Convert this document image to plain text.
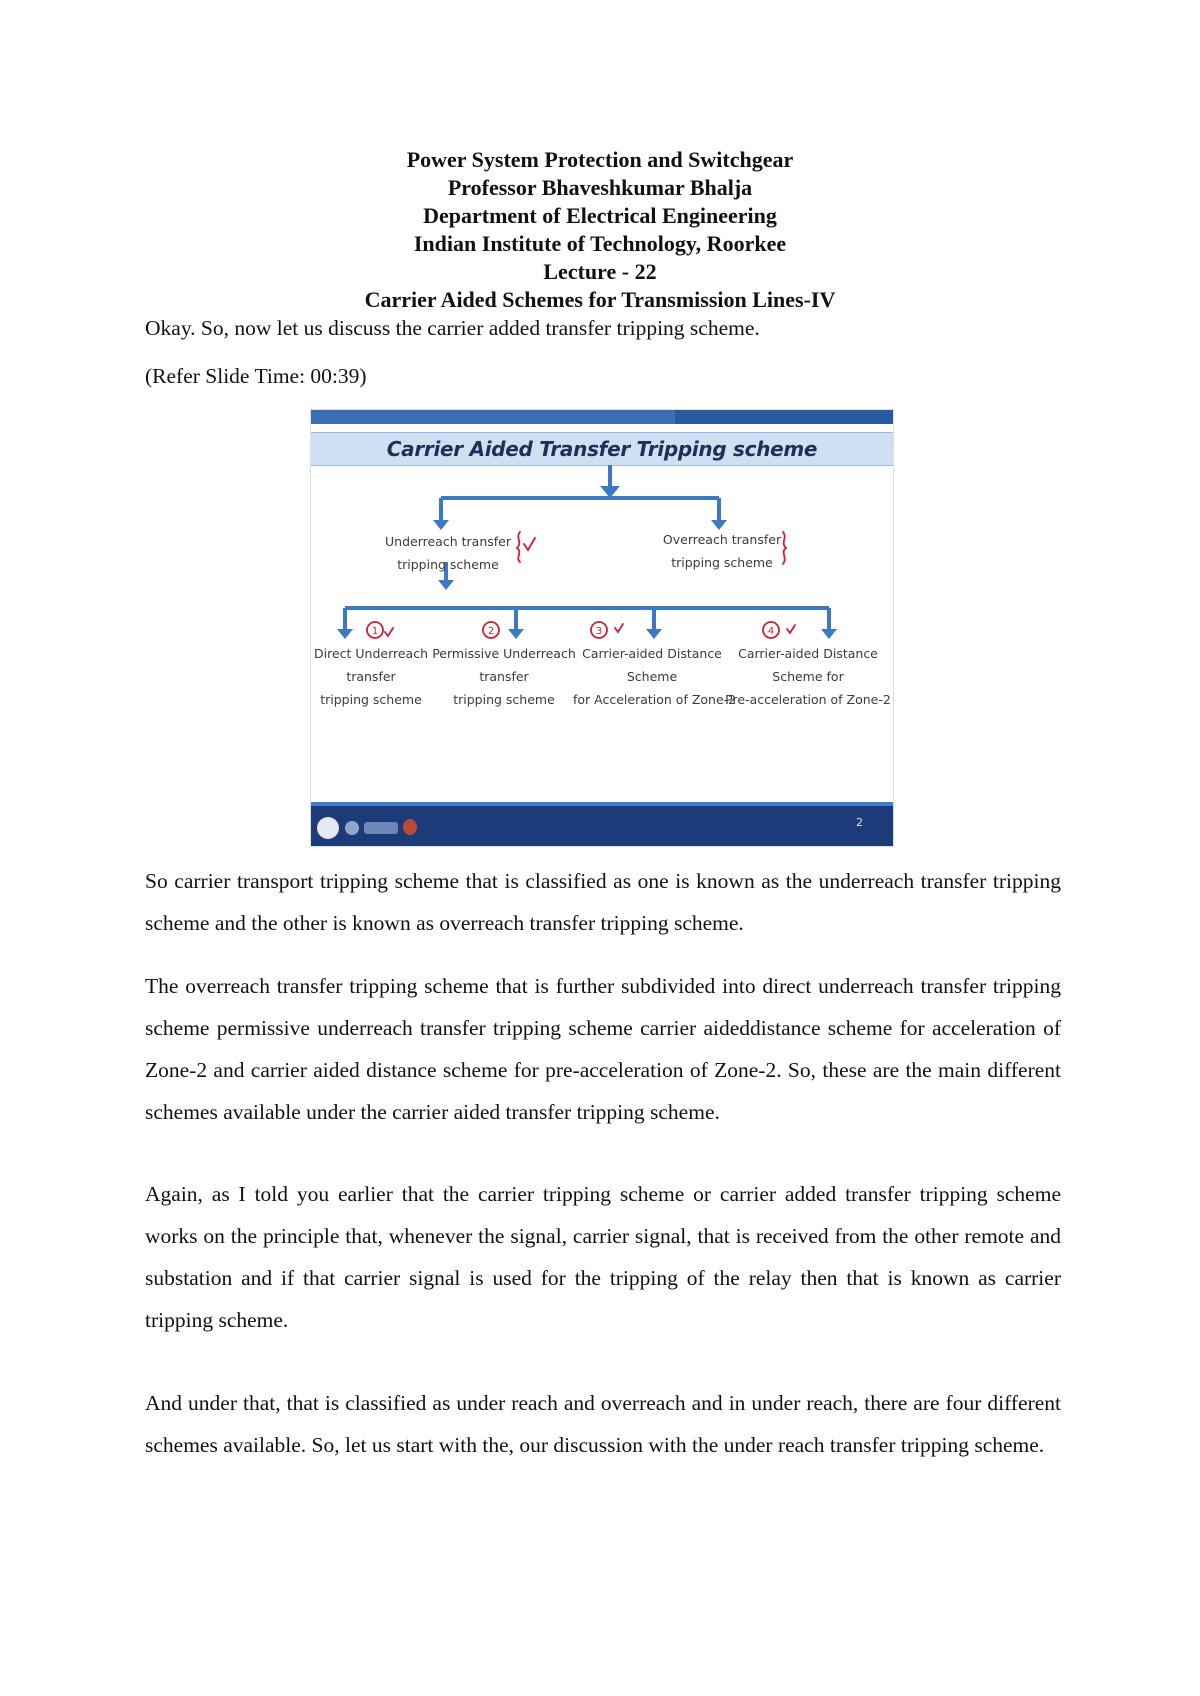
Power System Protection and Switchgear
Professor Bhaveshkumar Bhalja
Department of Electrical Engineering
Indian Institute of Technology, Roorkee
Lecture - 22
Carrier Aided Schemes for Transmission Lines-IV
Okay. So, now let us discuss the carrier added transfer tripping scheme.
(Refer Slide Time: 00:39)
Carrier Aided Transfer Tripping scheme
1	2	3	4
Underreach transfer
tripping scheme
Overreach transfer
tripping scheme
Direct Underreach
transfer
tripping scheme
Permissive Underreach
transfer
tripping scheme
Carrier-aided Distance
Scheme
for Acceleration of Zone-2
Carrier-aided Distance
Scheme for
Pre-acceleration of Zone-2
2
So carrier transport tripping scheme that is classified as one is known as the underreach transfer tripping scheme and the other is known as overreach transfer tripping scheme.
The overreach transfer tripping scheme that is further subdivided into direct underreach transfer tripping scheme permissive underreach transfer tripping scheme carrier aideddistance scheme for acceleration of Zone-2 and carrier aided distance scheme for pre-acceleration of Zone-2. So, these are the main different schemes available under the carrier aided transfer tripping scheme.
Again, as I told you earlier that the carrier tripping scheme or carrier added transfer tripping scheme works on the principle that, whenever the signal, carrier signal, that is received from the other remote and substation and if that carrier signal is used for the tripping of the relay then that is known as carrier tripping scheme.
And under that, that is classified as under reach and overreach and in under reach, there are four different schemes available. So, let us start with the, our discussion with the under reach transfer tripping scheme.
